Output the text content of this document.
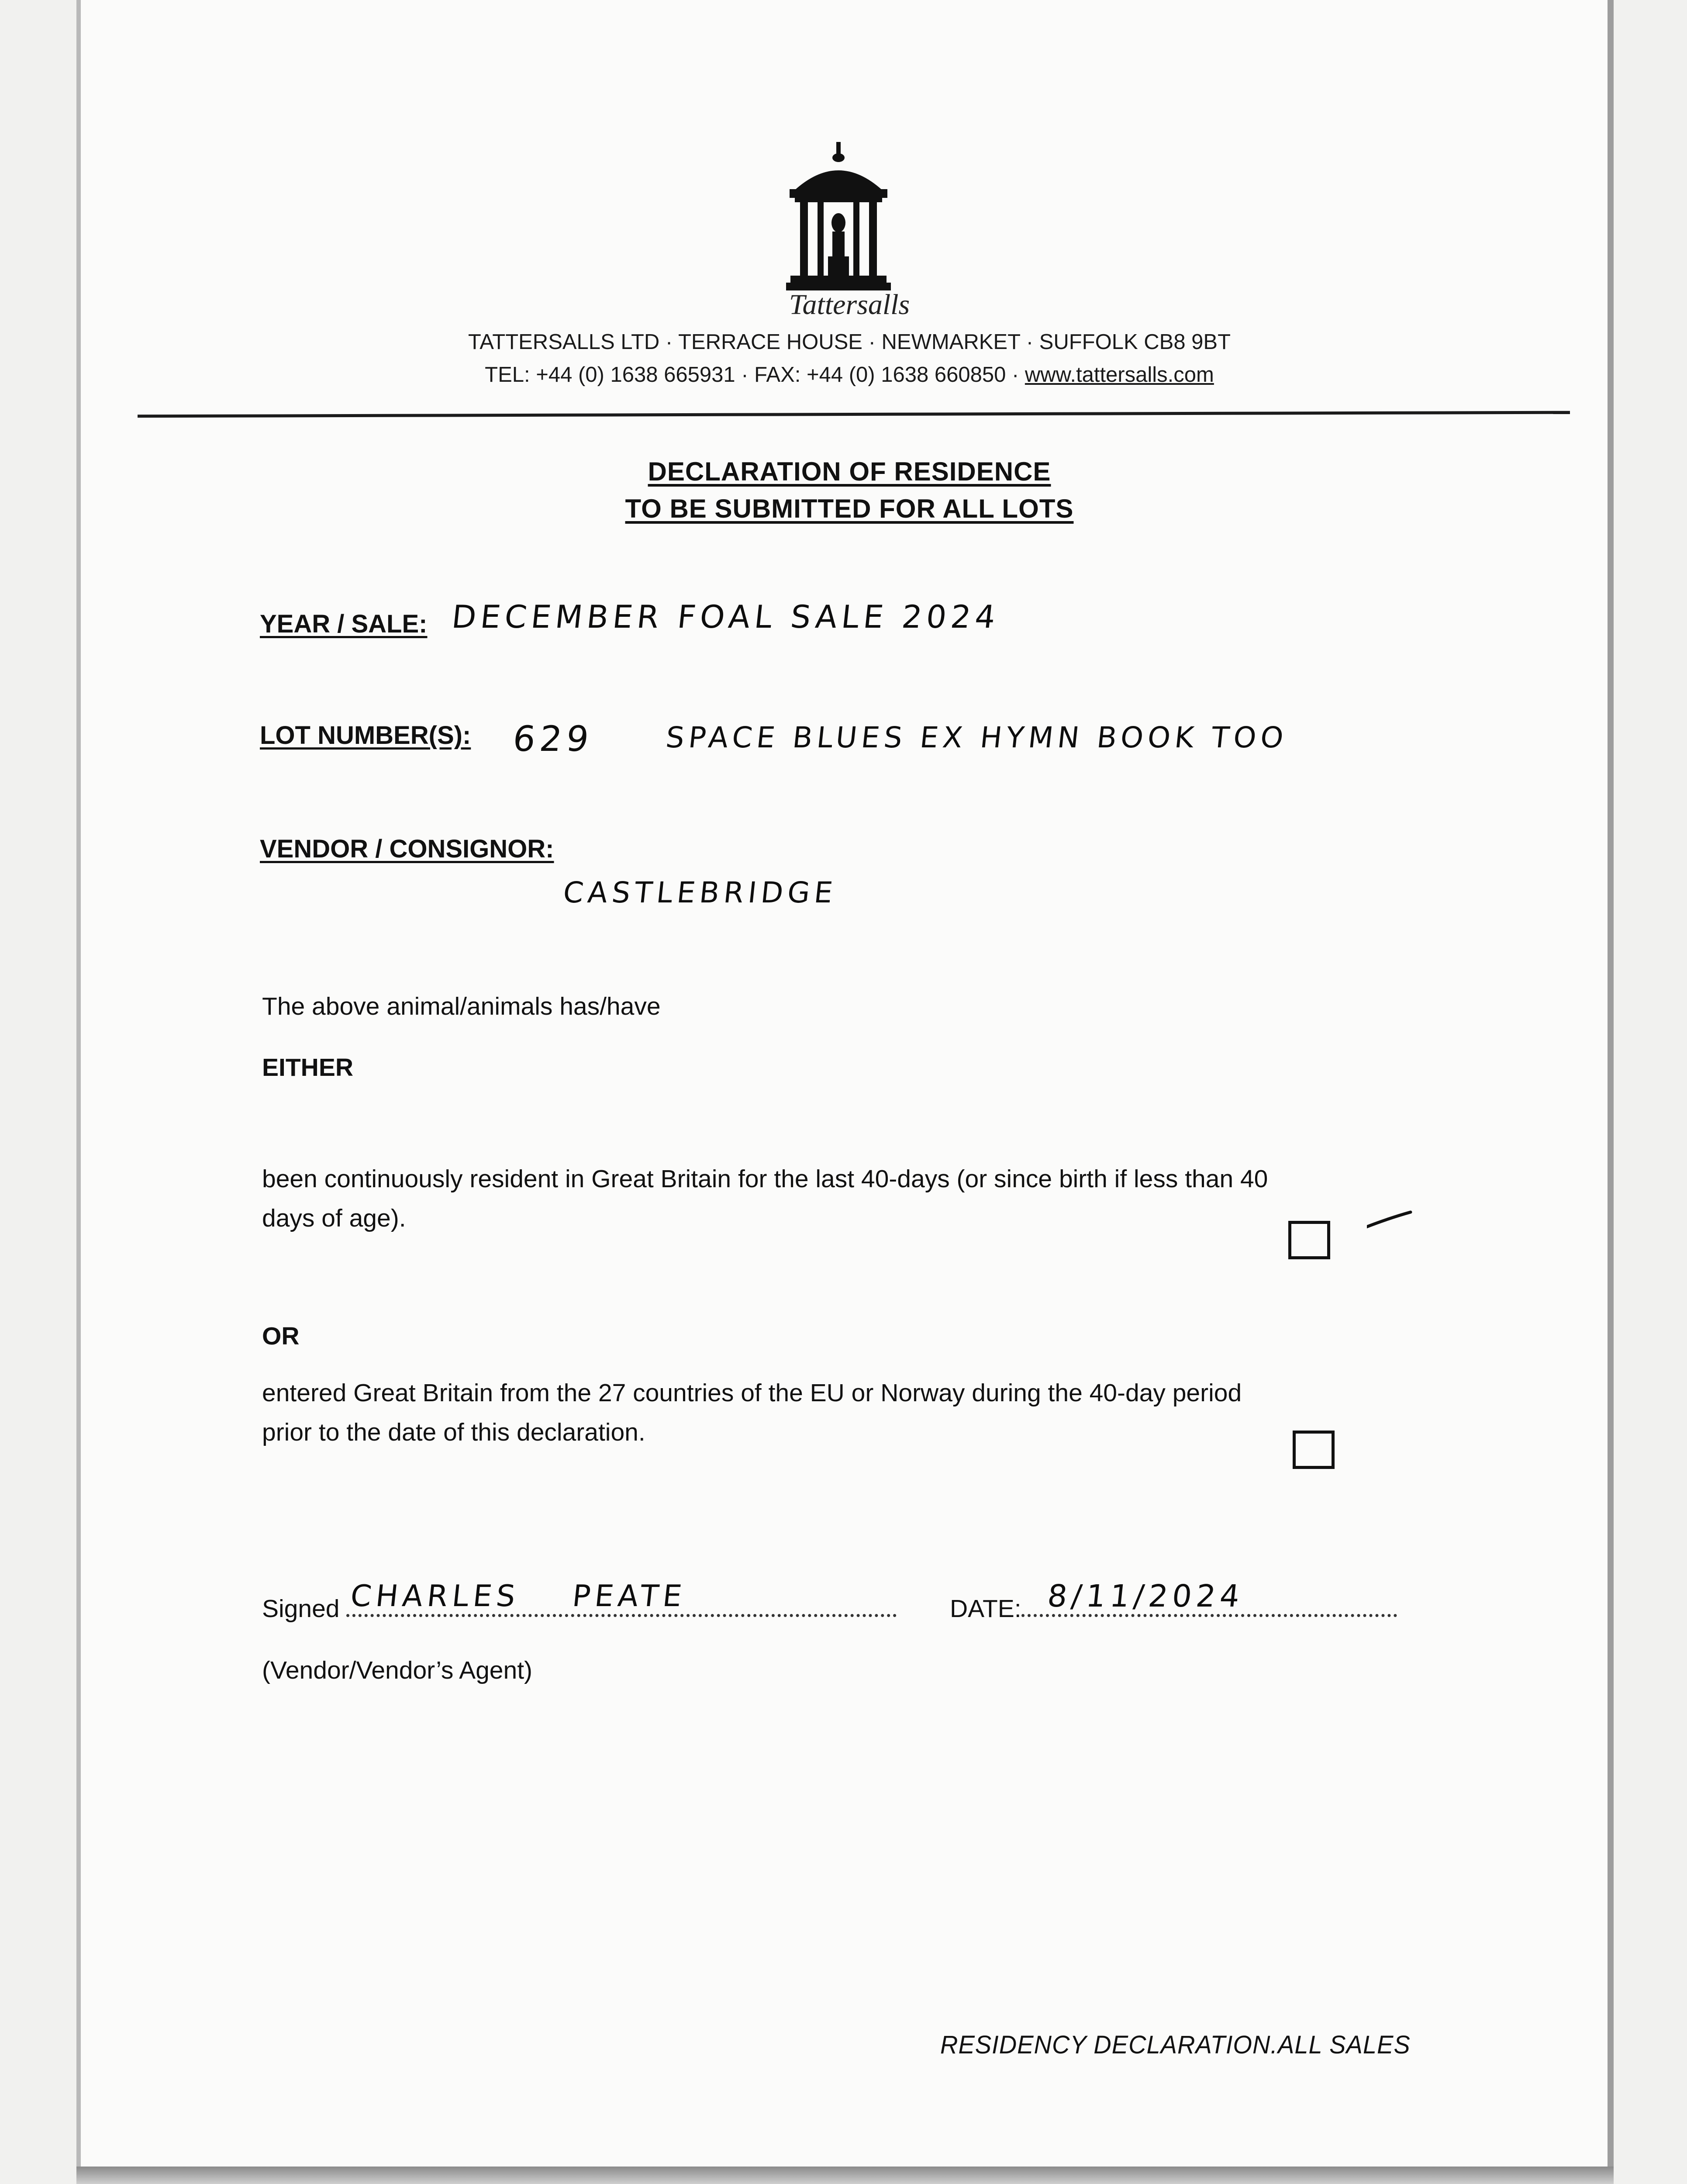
Tattersalls
TATTERSALLS LTD · TERRACE HOUSE · NEWMARKET · SUFFOLK CB8 9BT
TEL: +44 (0) 1638 665931 · FAX: +44 (0) 1638 660850 · www.tattersalls.com
DECLARATION OF RESIDENCE
TO BE SUBMITTED FOR ALL LOTS
YEAR / SALE: DECEMBER FOAL SALE 2024
LOT NUMBER(S): 629 SPACE BLUES EX HYMN BOOK TOO
VENDOR / CONSIGNOR:
CASTLEBRIDGE
The above animal/animals has/have
EITHER
been continuously resident in Great Britain for the last 40-days (or since birth if less than 40
days of age).
OR
entered Great Britain from the 27 countries of the EU or Norway during the 40-day period
prior to the date of this declaration.
Signed CHARLES PEATE	DATE: 8/11/2024
(Vendor/Vendor’s Agent)
RESIDENCY DECLARATION.ALL SALES
